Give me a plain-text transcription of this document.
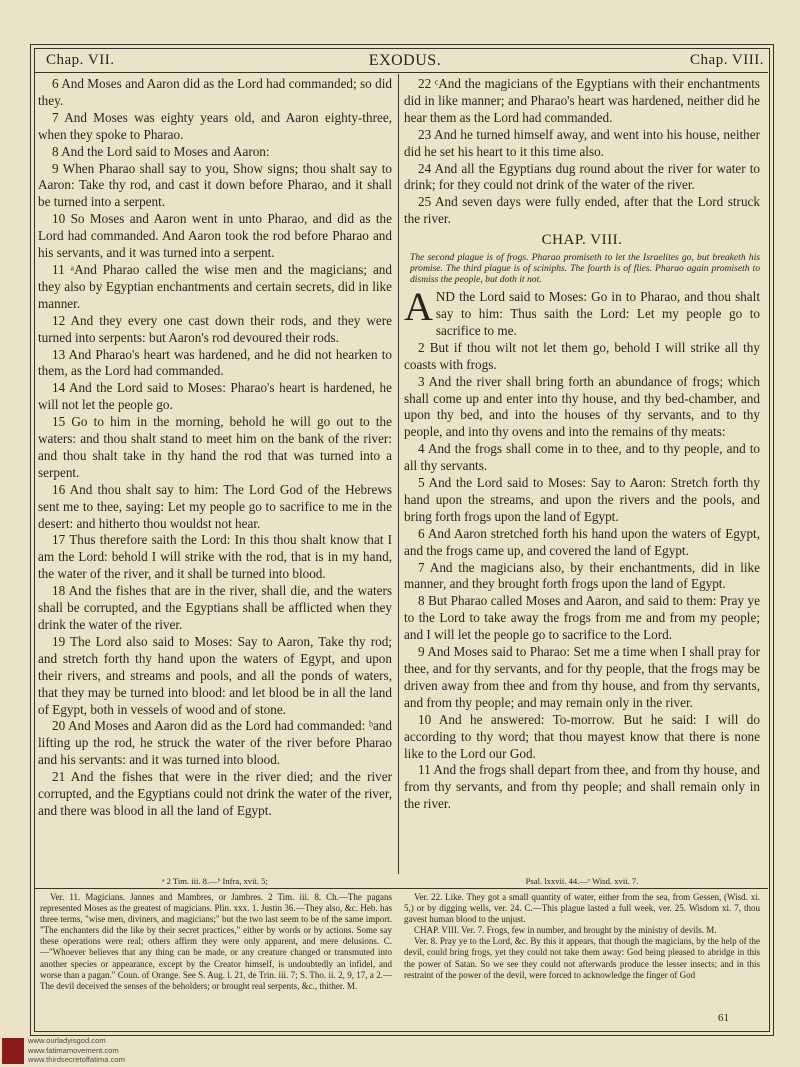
Chap. VII.	EXODUS.	Chap. VIII.

6 And Moses and Aaron did as the Lord had commanded; so did they.

7 And Moses was eighty years old, and Aaron eighty-three, when they spoke to Pharao.

8 And the Lord said to Moses and Aaron:

9 When Pharao shall say to you, Show signs; thou shalt say to Aaron: Take thy rod, and cast it down before Pharao, and it shall be turned into a serpent.

10 So Moses and Aaron went in unto Pharao, and did as the Lord had commanded. And Aaron took the rod before Pharao and his servants, and it was turned into a serpent.

11 ᵃAnd Pharao called the wise men and the magicians; and they also by Egyptian enchantments and certain secrets, did in like manner.

12 And they every one cast down their rods, and they were turned into serpents: but Aaron's rod devoured their rods.

13 And Pharao's heart was hardened, and he did not hearken to them, as the Lord had commanded.

14 And the Lord said to Moses: Pharao's heart is hardened, he will not let the people go.

15 Go to him in the morning, behold he will go out to the waters: and thou shalt stand to meet him on the bank of the river: and thou shalt take in thy hand the rod that was turned into a serpent.

16 And thou shalt say to him: The Lord God of the Hebrews sent me to thee, saying: Let my people go to sacrifice to me in the desert: and hitherto thou wouldst not hear.

17 Thus therefore saith the Lord: In this thou shalt know that I am the Lord: behold I will strike with the rod, that is in my hand, the water of the river, and it shall be turned into blood.

18 And the fishes that are in the river, shall die, and the waters shall be corrupted, and the Egyptians shall be afflicted when they drink the water of the river.

19 The Lord also said to Moses: Say to Aaron, Take thy rod; and stretch forth thy hand upon the waters of Egypt, and upon their rivers, and streams and pools, and all the ponds of waters, that they may be turned into blood: and let blood be in all the land of Egypt, both in vessels of wood and of stone.

20 And Moses and Aaron did as the Lord had commanded: ᵇand lifting up the rod, he struck the water of the river before Pharao and his servants: and it was turned into blood.

21 And the fishes that were in the river died; and the river corrupted, and the Egyptians could not drink the water of the river, and there was blood in all the land of Egypt.

22 ᶜAnd the magicians of the Egyptians with their enchantments did in like manner; and Pharao's heart was hardened, neither did he hear them as the Lord had commanded.

23 And he turned himself away, and went into his house, neither did he set his heart to it this time also.

24 And all the Egyptians dug round about the river for water to drink; for they could not drink of the water of the river.

25 And seven days were fully ended, after that the Lord struck the river.

CHAP. VIII.

The second plague is of frogs. Pharao promiseth to let the Israelites go, but breaketh his promise. The third plague is of sciniphs. The fourth is of flies. Pharao again promiseth to dismiss the people, but doth it not.

AND the Lord said to Moses: Go in to Pharao, and thou shalt say to him: Thus saith the Lord: Let my people go to sacrifice to me.

2 But if thou wilt not let them go, behold I will strike all thy coasts with frogs.

3 And the river shall bring forth an abundance of frogs; which shall come up and enter into thy house, and thy bed-chamber, and upon thy bed, and into the houses of thy servants, and to thy people, and into thy ovens and into the remains of thy meats:

4 And the frogs shall come in to thee, and to thy people, and to all thy servants.

5 And the Lord said to Moses: Say to Aaron: Stretch forth thy hand upon the streams, and upon the rivers and the pools, and bring forth frogs upon the land of Egypt.

6 And Aaron stretched forth his hand upon the waters of Egypt, and the frogs came up, and covered the land of Egypt.

7 And the magicians also, by their enchantments, did in like manner, and they brought forth frogs upon the land of Egypt.

8 But Pharao called Moses and Aaron, and said to them: Pray ye to the Lord to take away the frogs from me and from my people; and I will let the people go to sacrifice to the Lord.

9 And Moses said to Pharao: Set me a time when I shall pray for thee, and for thy servants, and for thy people, that the frogs may be driven away from thee and from thy house, and from thy servants, and from thy people; and may remain only in the river.

10 And he answered: To-morrow. But he said: I will do according to thy word; that thou mayest know that there is none like to the Lord our God.

11 And the frogs shall depart from thee, and from thy house, and from thy servants, and from thy people; and shall remain only in the river.

ᵃ 2 Tim. iii. 8.—ᵇ Infra, xvii. 5;	Psal. lxxvii. 44.—ᶜ Wisd. xvii. 7.

Ver. 11. Magicians. Jannes and Mambres, or Jambres. 2 Tim. iii. 8. Ch.—The pagans represented Moses as the greatest of magicians. Plin. xxx. 1. Justin 36.—They also, &c. Heb. has three terms, "wise men, diviners, and magicians;" but the two last seem to be of the same import. "The enchanters did the like by their secret practices," either by words or by actions. Some say these operations were real; others affirm they were only apparent, and mere delusions. C.—"Whoever believes that any thing can be made, or any creature changed or transmuted into another species or appearance, except by the Creator himself, is undoubtedly an infidel, and worse than a pagan." Coun. of Orange. See S. Aug. l. 21, de Trin. iii. 7; S. Tho. ii. 2, 9, 17, a 2.—The devil deceived the senses of the beholders; or brought real serpents, &c., thither. M.

Ver. 22. Like. They got a small quantity of water, either from the sea, from Gessen, (Wisd. xi. 5,) or by digging wells, ver. 24. C.—This plague lasted a full week, ver. 25. Wisdom xi. 7, thou gavest human blood to the unjust.

CHAP. VIII. Ver. 7. Frogs, few in number, and brought by the ministry of devils. M.

Ver. 8. Pray ye to the Lord, &c. By this it appears, that though the magicians, by the help of the devil, could bring frogs, yet they could not take them away: God being pleased to abridge in this the power of Satan. So we see they could not afterwards produce the lesser insects; and in this restraint of the power of the devil, were forced to acknowledge the finger of God

61
www.ourladyisgod.com
www.fatimamovement.com
www.thirdsecretoffatima.com
